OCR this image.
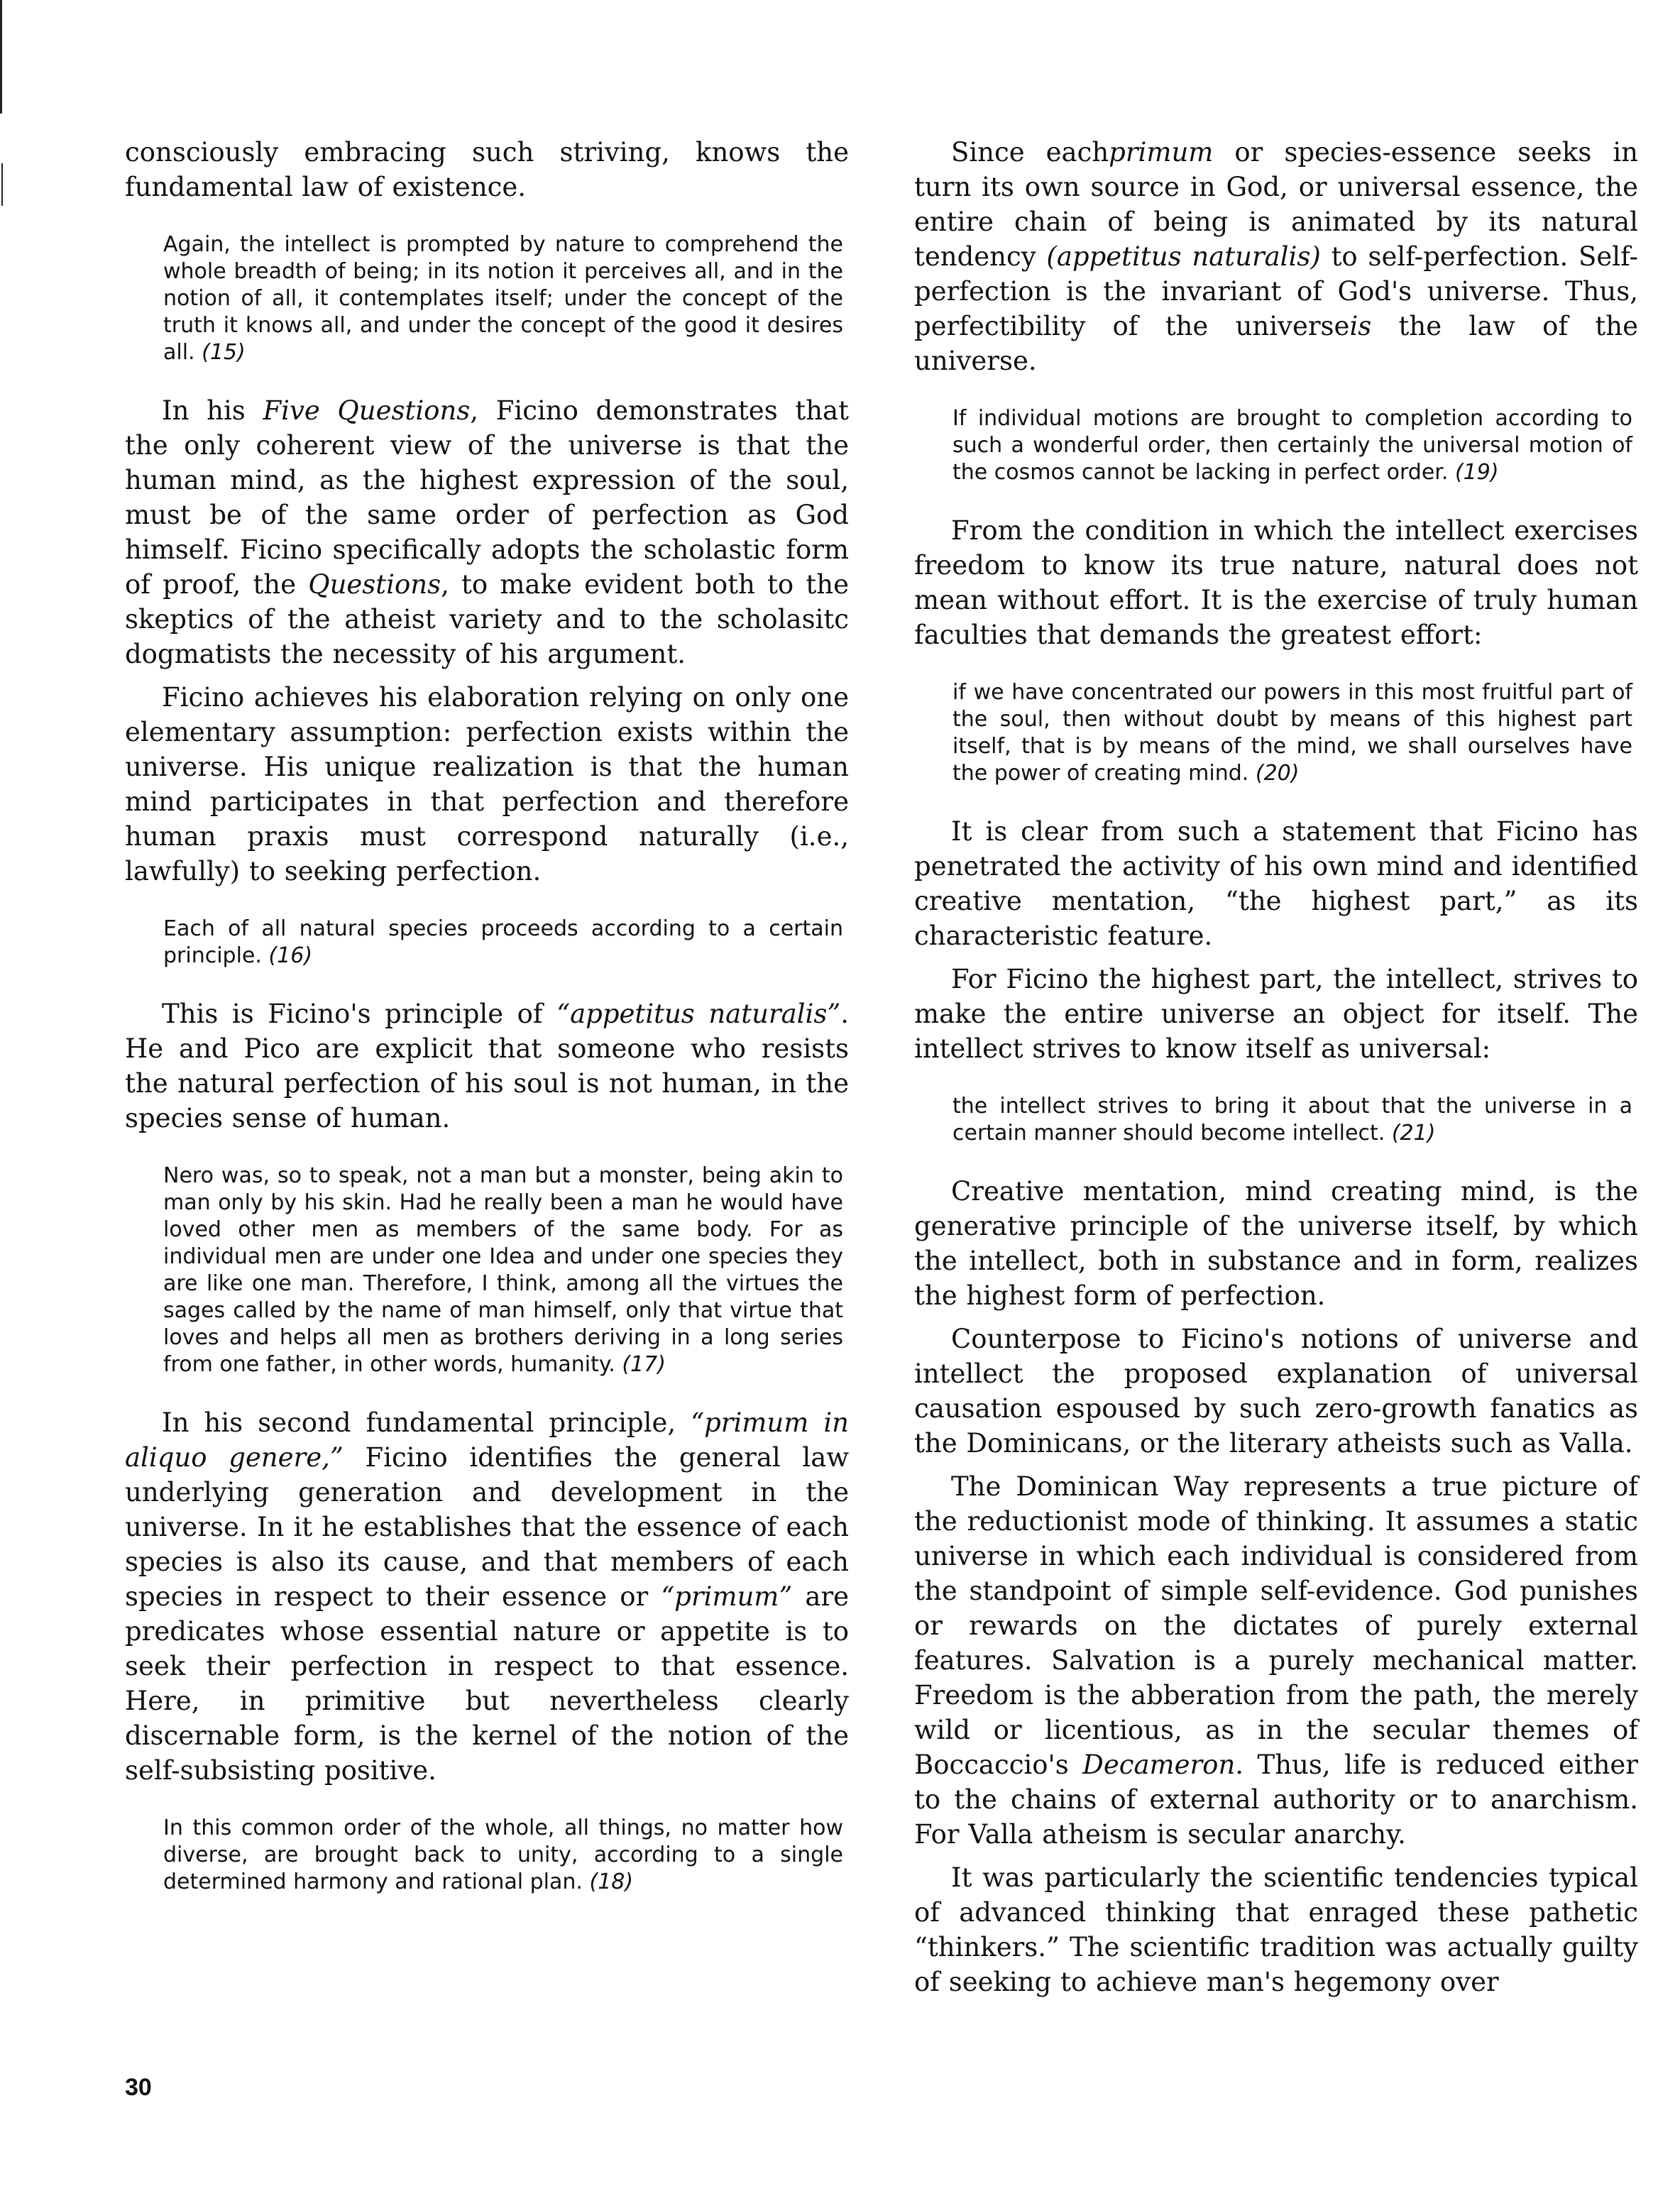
consciously embracing such striving, knows the fundamental law of existence.

Again, the intellect is prompted by nature to comprehend the whole breadth of being; in its notion it perceives all, and in the notion of all, it contemplates itself; under the concept of the truth it knows all, and under the concept of the good it desires all. (15)

In his Five Questions, Ficino demonstrates that the only coherent view of the universe is that the human mind, as the highest expression of the soul, must be of the same order of perfection as God himself. Ficino specifically adopts the scholastic form of proof, the Questions, to make evident both to the skeptics of the atheist variety and to the scholasitc dogmatists the necessity of his argument.

Ficino achieves his elaboration relying on only one elementary assumption: perfection exists within the universe. His unique realization is that the human mind participates in that perfection and therefore human praxis must correspond naturally (i.e., lawfully) to seeking perfection.

Each of all natural species proceeds according to a certain principle. (16)

This is Ficino's principle of “appetitus naturalis”. He and Pico are explicit that someone who resists the natural perfection of his soul is not human, in the species sense of human.

Nero was, so to speak, not a man but a monster, being akin to man only by his skin. Had he really been a man he would have loved other men as members of the same body. For as individual men are under one Idea and under one species they are like one man. Therefore, I think, among all the virtues the sages called by the name of man himself, only that virtue that loves and helps all men as brothers deriving in a long series from one father, in other words, humanity. (17)

In his second fundamental principle, “primum in aliquo genere,” Ficino identifies the general law underlying generation and development in the universe. In it he establishes that the essence of each species is also its cause, and that members of each species in respect to their essence or “primum” are predicates whose essential nature or appetite is to seek their perfection in respect to that essence. Here, in primitive but nevertheless clearly discernable form, is the kernel of the notion of the self-subsisting positive.

In this common order of the whole, all things, no matter how diverse, are brought back to unity, according to a single determined harmony and rational plan. (18)

Since eachprimum or species-essence seeks in turn its own source in God, or universal essence, the entire chain of being is animated by its natural tendency (appetitus naturalis) to self-perfection. Self-perfection is the invariant of God's universe. Thus, perfectibility of the universeis the law of the universe.

If individual motions are brought to completion according to such a wonderful order, then certainly the universal motion of the cosmos cannot be lacking in perfect order. (19)

From the condition in which the intellect exercises freedom to know its true nature, natural does not mean without effort. It is the exercise of truly human faculties that demands the greatest effort:

if we have concentrated our powers in this most fruitful part of the soul, then without doubt by means of this highest part itself, that is by means of the mind, we shall ourselves have the power of creating mind. (20)

It is clear from such a statement that Ficino has penetrated the activity of his own mind and identified creative mentation, “the highest part,” as its characteristic feature.

For Ficino the highest part, the intellect, strives to make the entire universe an object for itself. The intellect strives to know itself as universal:

the intellect strives to bring it about that the universe in a certain manner should become intellect. (21)

Creative mentation, mind creating mind, is the generative principle of the universe itself, by which the intellect, both in substance and in form, realizes the highest form of perfection.

Counterpose to Ficino's notions of universe and intellect the proposed explanation of universal causation espoused by such zero-growth fanatics as the Dominicans, or the literary atheists such as Valla.

The Dominican Way represents a true picture of the reductionist mode of thinking. It assumes a static universe in which each individual is considered from the standpoint of simple self-evidence. God punishes or rewards on the dictates of purely external features. Salvation is a purely mechanical matter. Freedom is the abberation from the path, the merely wild or licentious, as in the secular themes of Boccaccio's Decameron. Thus, life is reduced either to the chains of external authority or to anarchism. For Valla atheism is secular anarchy.

It was particularly the scientific tendencies typical of advanced thinking that enraged these pathetic “thinkers.” The scientific tradition was actually guilty of seeking to achieve man's hegemony over

30
